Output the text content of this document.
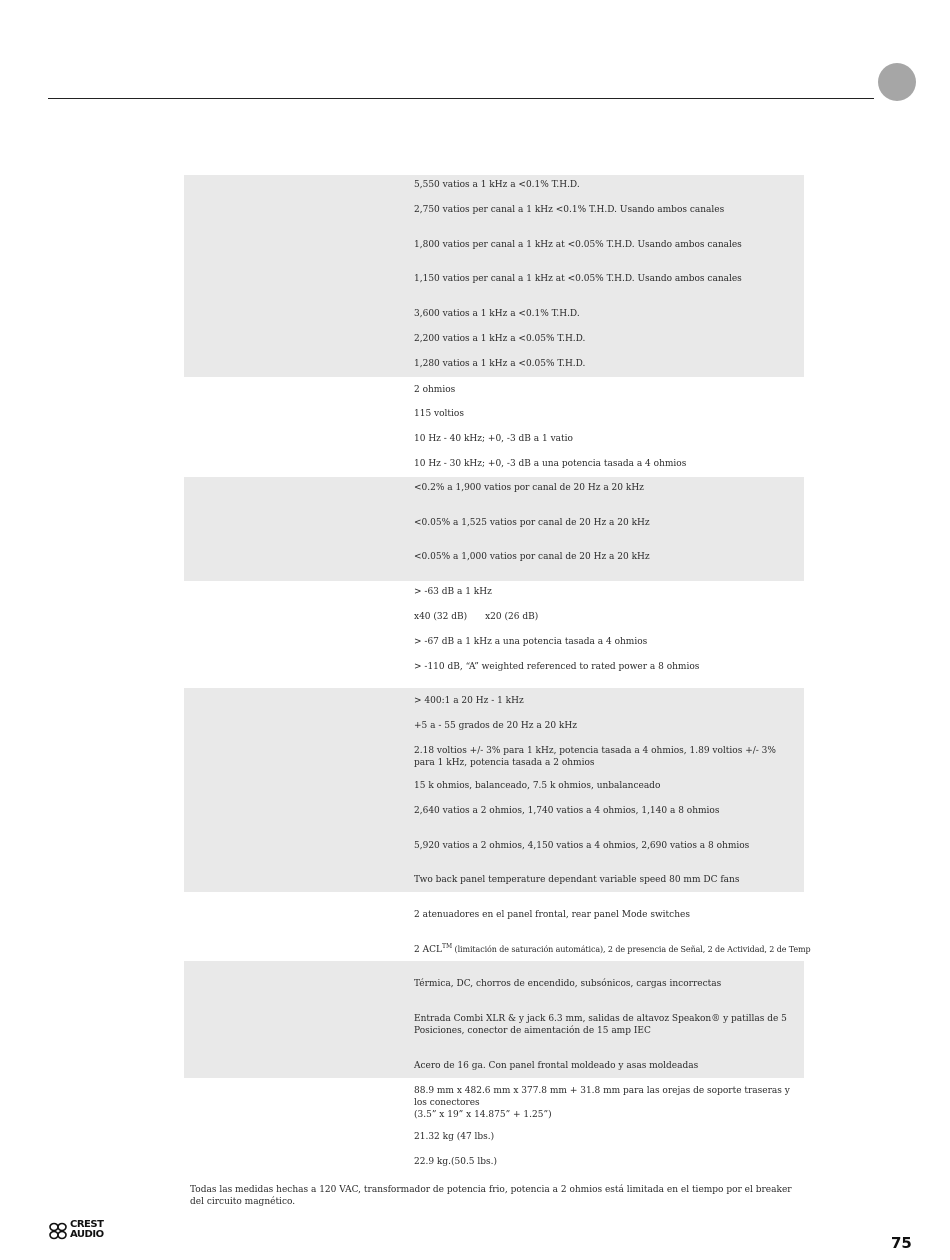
5,550 vatios a 1 kHz a <0.1% T.H.D.
2,750 vatios per canal a 1 kHz <0.1% T.H.D. Usando ambos canales
1,800 vatios per canal a 1 kHz at <0.05% T.H.D. Usando ambos canales
1,150 vatios per canal a 1 kHz at <0.05% T.H.D. Usando ambos canales
3,600 vatios a 1 kHz a <0.1% T.H.D.
2,200 vatios a 1 kHz a <0.05% T.H.D.
1,280 vatios a 1 kHz a <0.05% T.H.D.
2 ohmios
115 voltios
10 Hz - 40 kHz; +0, -3 dB a 1 vatio
10 Hz - 30 kHz; +0, -3 dB a una potencia tasada a 4 ohmios
<0.2% a 1,900 vatios por canal de 20 Hz a 20 kHz
<0.05% a 1,525 vatios por canal de 20 Hz a 20 kHz
<0.05% a 1,000 vatios por canal de 20 Hz a 20 kHz
> -63 dB a 1 kHz
x40 (32 dB) x20 (26 dB)
> -67 dB a 1 kHz a una potencia tasada a 4 ohmios
> -110 dB, “A” weighted referenced to rated power a 8 ohmios
> 400:1 a 20 Hz - 1 kHz
+5 a - 55 grados de 20 Hz a 20 kHz
2.18 voltios +/- 3% para 1 kHz, potencia tasada a 4 ohmios, 1.89 voltios +/- 3% para 1 kHz, potencia tasada a 2 ohmios
15 k ohmios, balanceado, 7.5 k ohmios, unbalanceado
2,640 vatios a 2 ohmios, 1,740 vatios a 4 ohmios, 1,140 a 8 ohmios
5,920 vatios a 2 ohmios, 4,150 vatios a 4 ohmios, 2,690 vatios a 8 ohmios
Two back panel temperature dependant variable speed 80 mm DC fans
2 atenuadores en el panel frontal, rear panel Mode switches
2 ACL™ (limitación de saturación automática), 2 de presencia de Señal, 2 de Actividad, 2 de Temp
Térmica, DC, chorros de encendido, subsónicos, cargas incorrectas
Entrada Combi XLR & y jack 6.3 mm, salidas de altavoz Speakon® y patillas de 5 Posiciones, conector de aimentación de 15 amp IEC
Acero de 16 ga. Con panel frontal moldeado y asas moldeadas
88.9 mm x 482.6 mm x 377.8 mm + 31.8 mm para las orejas de soporte traseras y los conectores
(3.5” x 19” x 14.875” + 1.25”)
21.32 kg (47 lbs.)
22.9 kg.(50.5 lbs.)
Todas las medidas hechas a 120 VAC, transformador de potencia frio, potencia a 2 ohmios está limitada en el tiempo por el breaker del circuito magnético.
CREST
AUDIO	75
